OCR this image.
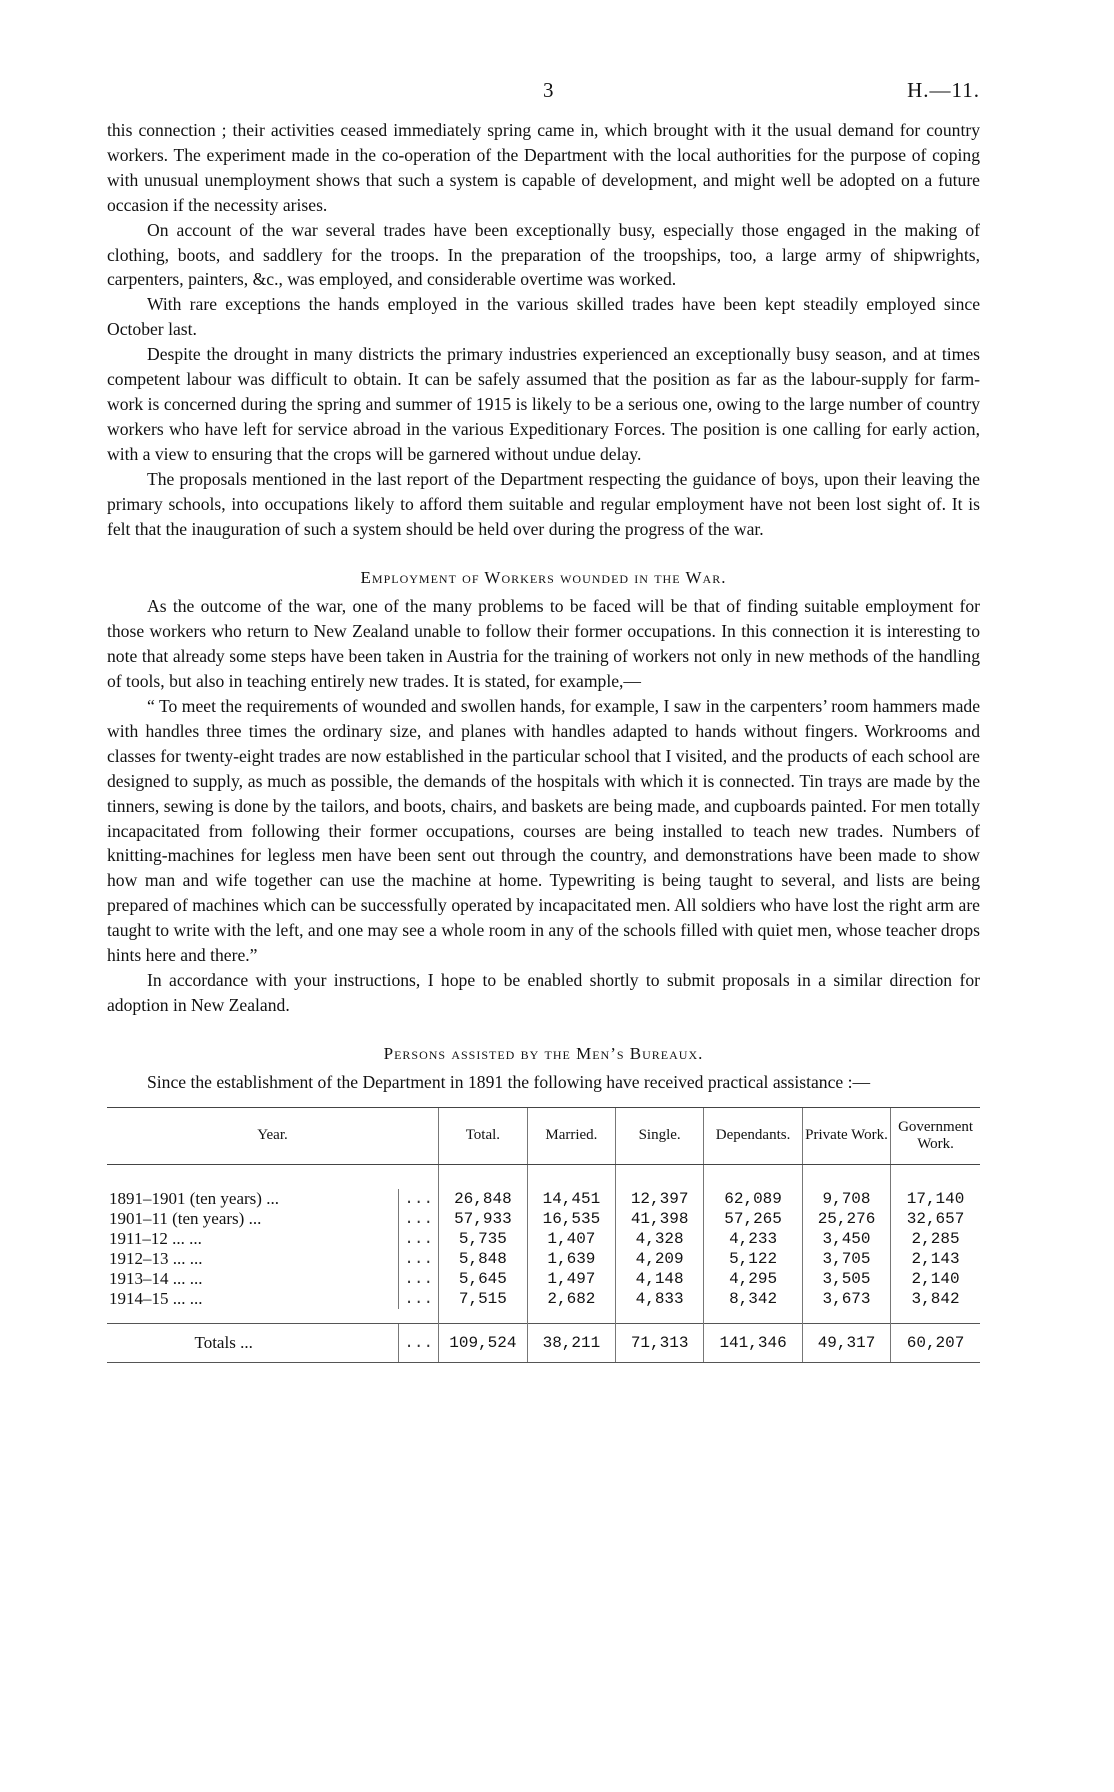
3	H.—11.

this connection ; their activities ceased immediately spring came in, which brought with it the usual demand for country workers. The experiment made in the co-operation of the Department with the local authorities for the purpose of coping with unusual unemployment shows that such a system is capable of development, and might well be adopted on a future occasion if the necessity arises.

On account of the war several trades have been exceptionally busy, especially those engaged in the making of clothing, boots, and saddlery for the troops. In the preparation of the troopships, too, a large army of shipwrights, carpenters, painters, &c., was employed, and considerable overtime was worked.

With rare exceptions the hands employed in the various skilled trades have been kept steadily employed since October last.

Despite the drought in many districts the primary industries experienced an exceptionally busy season, and at times competent labour was difficult to obtain. It can be safely assumed that the position as far as the labour-supply for farm-work is concerned during the spring and summer of 1915 is likely to be a serious one, owing to the large number of country workers who have left for service abroad in the various Expeditionary Forces. The position is one calling for early action, with a view to ensuring that the crops will be garnered without undue delay.

The proposals mentioned in the last report of the Department respecting the guidance of boys, upon their leaving the primary schools, into occupations likely to afford them suitable and regular employment have not been lost sight of. It is felt that the inauguration of such a system should be held over during the progress of the war.

Employment of Workers wounded in the War.

As the outcome of the war, one of the many problems to be faced will be that of finding suitable employment for those workers who return to New Zealand unable to follow their former occupations. In this connection it is interesting to note that already some steps have been taken in Austria for the training of workers not only in new methods of the handling of tools, but also in teaching entirely new trades. It is stated, for example,—

“ To meet the requirements of wounded and swollen hands, for example, I saw in the carpenters’ room hammers made with handles three times the ordinary size, and planes with handles adapted to hands without fingers. Workrooms and classes for twenty-eight trades are now established in the particular school that I visited, and the products of each school are designed to supply, as much as possible, the demands of the hospitals with which it is connected. Tin trays are made by the tinners, sewing is done by the tailors, and boots, chairs, and baskets are being made, and cupboards painted. For men totally incapacitated from following their former occupations, courses are being installed to teach new trades. Numbers of knitting-machines for legless men have been sent out through the country, and demonstrations have been made to show how man and wife together can use the machine at home. Typewriting is being taught to several, and lists are being prepared of machines which can be successfully operated by incapacitated men. All soldiers who have lost the right arm are taught to write with the left, and one may see a whole room in any of the schools filled with quiet men, whose teacher drops hints here and there.”

In accordance with your instructions, I hope to be enabled shortly to submit proposals in a similar direction for adoption in New Zealand.

Persons assisted by the Men’s Bureaux.

Since the establishment of the Department in 1891 the following have received practical assistance :—

Year.		Total.	Married.	Single.	Dependants.	Private Work.	Government Work.

1891–1901 (ten years) ...	...	26,848	14,451	12,397	62,089	9,708	17,140
1901–11 (ten years) ...	...	57,933	16,535	41,398	57,265	25,276	32,657
1911–12 ... ...	...	5,735	1,407	4,328	4,233	3,450	2,285
1912–13 ... ...	...	5,848	1,639	4,209	5,122	3,705	2,143
1913–14 ... ...	...	5,645	1,497	4,148	4,295	3,505	2,140
1914–15 ... ...	...	7,515	2,682	4,833	8,342	3,673	3,842

Totals ...	...	109,524	38,211	71,313	141,346	49,317	60,207
